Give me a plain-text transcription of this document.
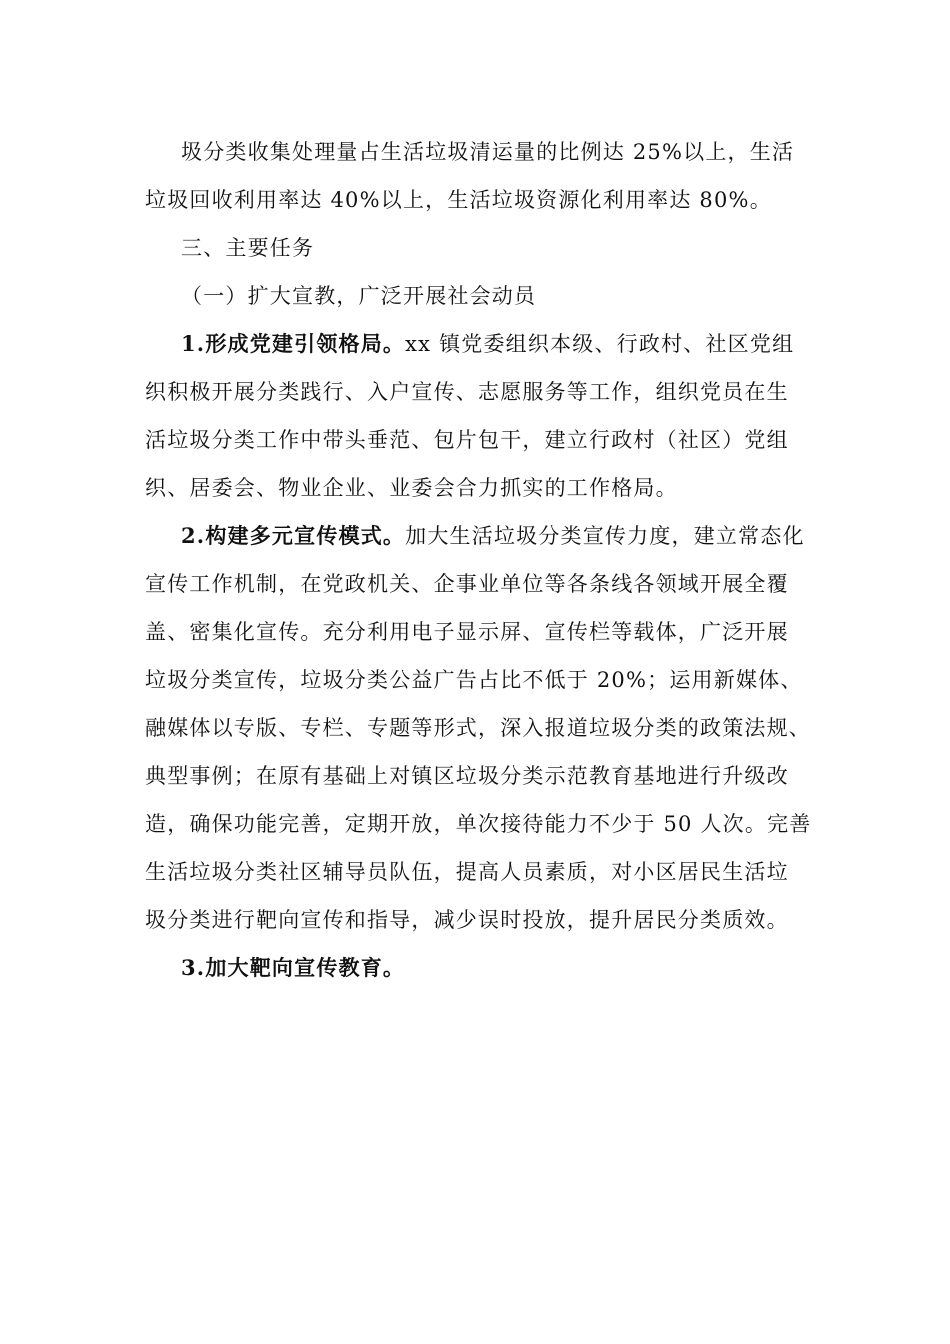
圾分类收集处理量占生活垃圾清运量的比例达 25%以上，生活
垃圾回收利用率达 40%以上，生活垃圾资源化利用率达 80%。
三、主要任务
（一）扩大宣教，广泛开展社会动员
1.形成党建引领格局。xx 镇党委组织本级、行政村、社区党组
织积极开展分类践行、入户宣传、志愿服务等工作，组织党员在生
活垃圾分类工作中带头垂范、包片包干，建立行政村（社区）党组
织、居委会、物业企业、业委会合力抓实的工作格局。
2.构建多元宣传模式。加大生活垃圾分类宣传力度，建立常态化
宣传工作机制，在党政机关、企事业单位等各条线各领域开展全覆
盖、密集化宣传。充分利用电子显示屏、宣传栏等载体，广泛开展
垃圾分类宣传，垃圾分类公益广告占比不低于 20%；运用新媒体、
融媒体以专版、专栏、专题等形式，深入报道垃圾分类的政策法规、
典型事例；在原有基础上对镇区垃圾分类示范教育基地进行升级改
造，确保功能完善，定期开放，单次接待能力不少于 50 人次。完善
生活垃圾分类社区辅导员队伍，提高人员素质，对小区居民生活垃
圾分类进行靶向宣传和指导，减少误时投放，提升居民分类质效。
3.加大靶向宣传教育。
